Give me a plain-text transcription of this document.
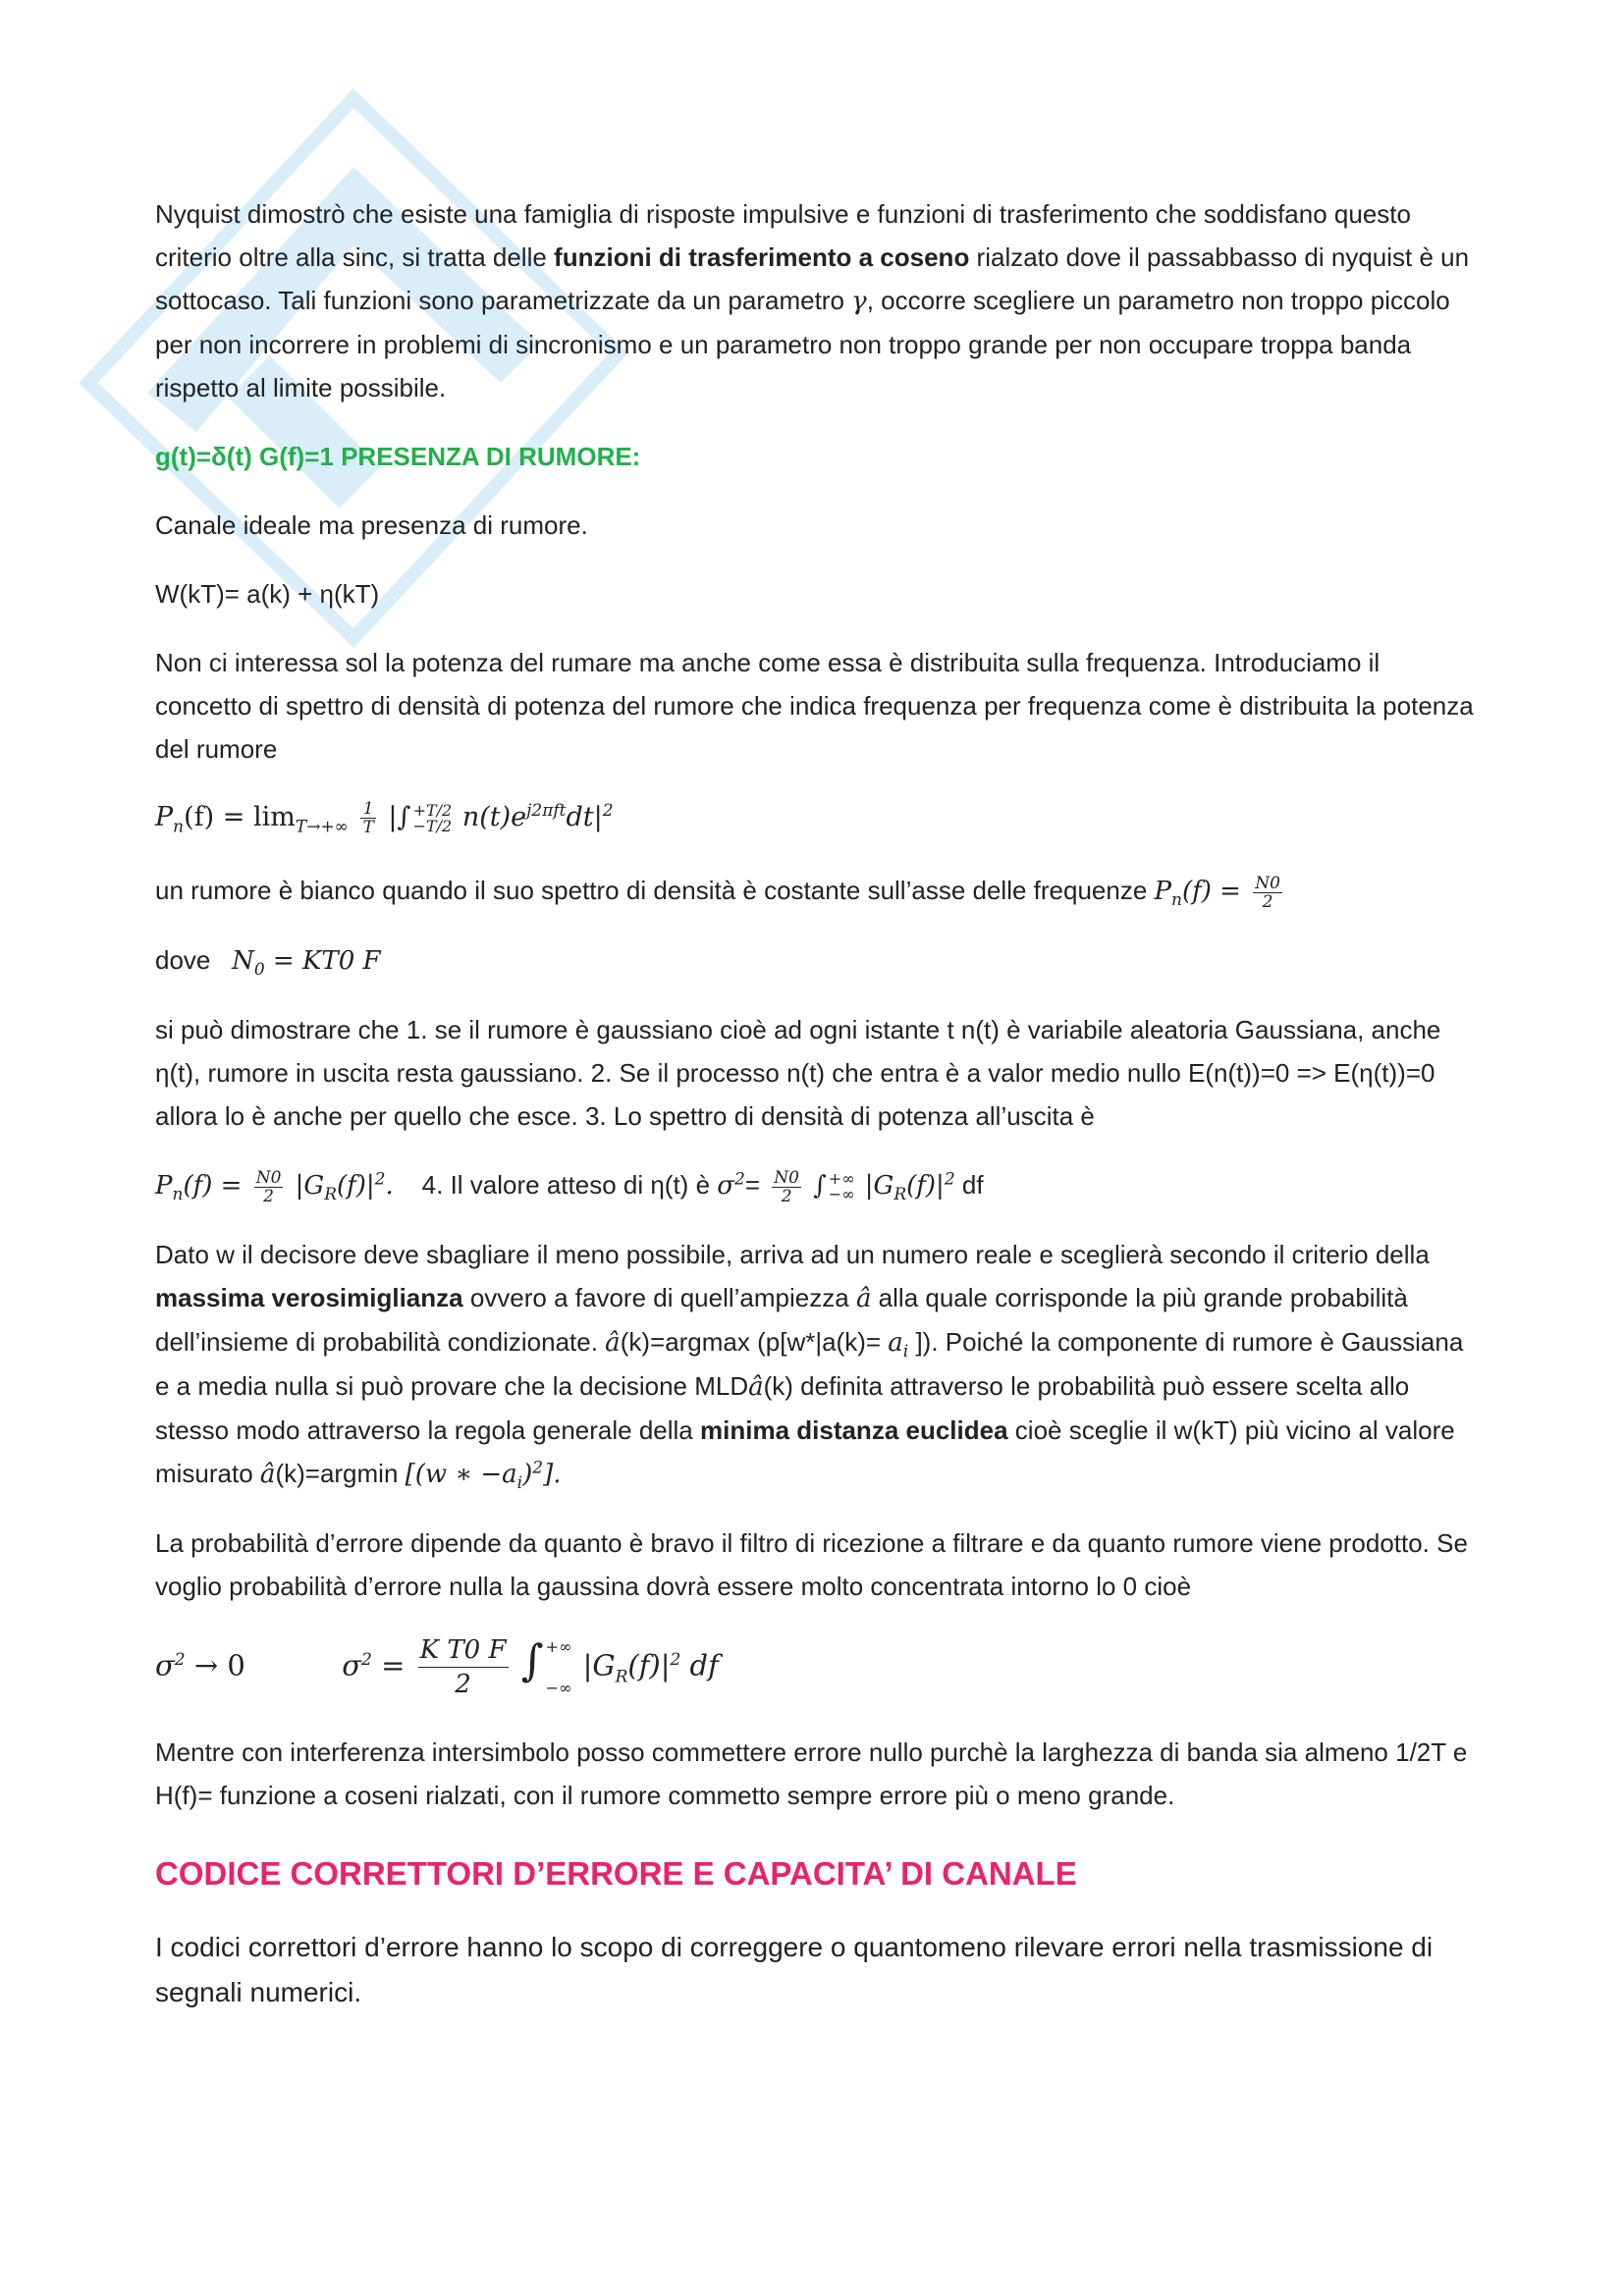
Nyquist dimostrò che esiste una famiglia di risposte impulsive e funzioni di trasferimento che soddisfano questo criterio oltre alla sinc, si tratta delle funzioni di trasferimento a coseno rialzato dove il passabbasso di nyquist è un sottocaso. Tali funzioni sono parametrizzate da un parametro γ, occorre scegliere un parametro non troppo piccolo per non incorrere in problemi di sincronismo e un parametro non troppo grande per non occupare troppa banda rispetto al limite possibile.

g(t)=δ(t) G(f)=1 PRESENZA DI RUMORE:

Canale ideale ma presenza di rumore.

W(kT)= a(k) + η(kT)

Non ci interessa sol la potenza del rumare ma anche come essa è distribuita sulla frequenza. Introduciamo il concetto di spettro di densità di potenza del rumore che indica frequenza per frequenza come è distribuita la potenza del rumore

$P_n(f) = \lim_{T\to+\infty} \frac{1}{T}$ |∫ +T/2
−T/2 $n(t)e^{j2\pi ft}dt|^2$

un rumore è bianco quando il suo spettro di densità è costante sull’asse delle frequenze $P_n(f) = \frac{N0}{2}$

dove $N_0 = KT0$ F

si può dimostrare che 1. se il rumore è gaussiano cioè ad ogni istante t n(t) è variabile aleatoria Gaussiana, anche η(t), rumore in uscita resta gaussiano. 2. Se il processo n(t) che entra è a valor medio nullo E(n(t))=0 => E(η(t))=0 allora lo è anche per quello che esce. 3. Lo spettro di densità di potenza all’uscita è

$P_n(f) = \frac{N0}{2} |G_R(f)|^2$.    4. Il valore atteso di η(t) è $\sigma^2= \frac{N0}{2}$ ∫ +∞
−∞ $|G_R(f)|^2$ df

Dato w il decisore deve sbagliare il meno possibile, arriva ad un numero reale e sceglierà secondo il criterio della massima verosimiglianza ovvero a favore di quell’ampiezza â alla quale corrisponde la più grande probabilità dell’insieme di probabilità condizionate. â(k)=argmax ($p[w*|a(k)= a_i$ ]). Poiché la componente di rumore è Gaussiana e a media nulla si può provare che la decisione MLDâ(k) definita attraverso le probabilità può essere scelta allo stesso modo attraverso la regola generale della minima distanza euclidea cioè sceglie il w(kT) più vicino al valore misurato â(k)=argmin [(w ∗ $-a_i)^2$].

La probabilità d’errore dipende da quanto è bravo il filtro di ricezione a filtrare e da quanto rumore viene prodotto. Se voglio probabilità d’errore nulla la gaussina dovrà essere molto concentrata intorno lo 0 cioè

$\sigma^2 \to 0$	$\sigma^2 = \frac{\text{K T0 F}}{2}$ ∫ +∞
−∞
$|G_R(f)|^2$ df

Mentre con interferenza intersimbolo posso commettere errore nullo purchè la larghezza di banda sia almeno 1/2T e H(f)= funzione a coseni rialzati, con il rumore commetto sempre errore più o meno grande.

CODICE CORRETTORI D’ERRORE E CAPACITA’ DI CANALE

I codici correttori d’errore hanno lo scopo di correggere o quantomeno rilevare errori nella trasmissione di segnali numerici.
